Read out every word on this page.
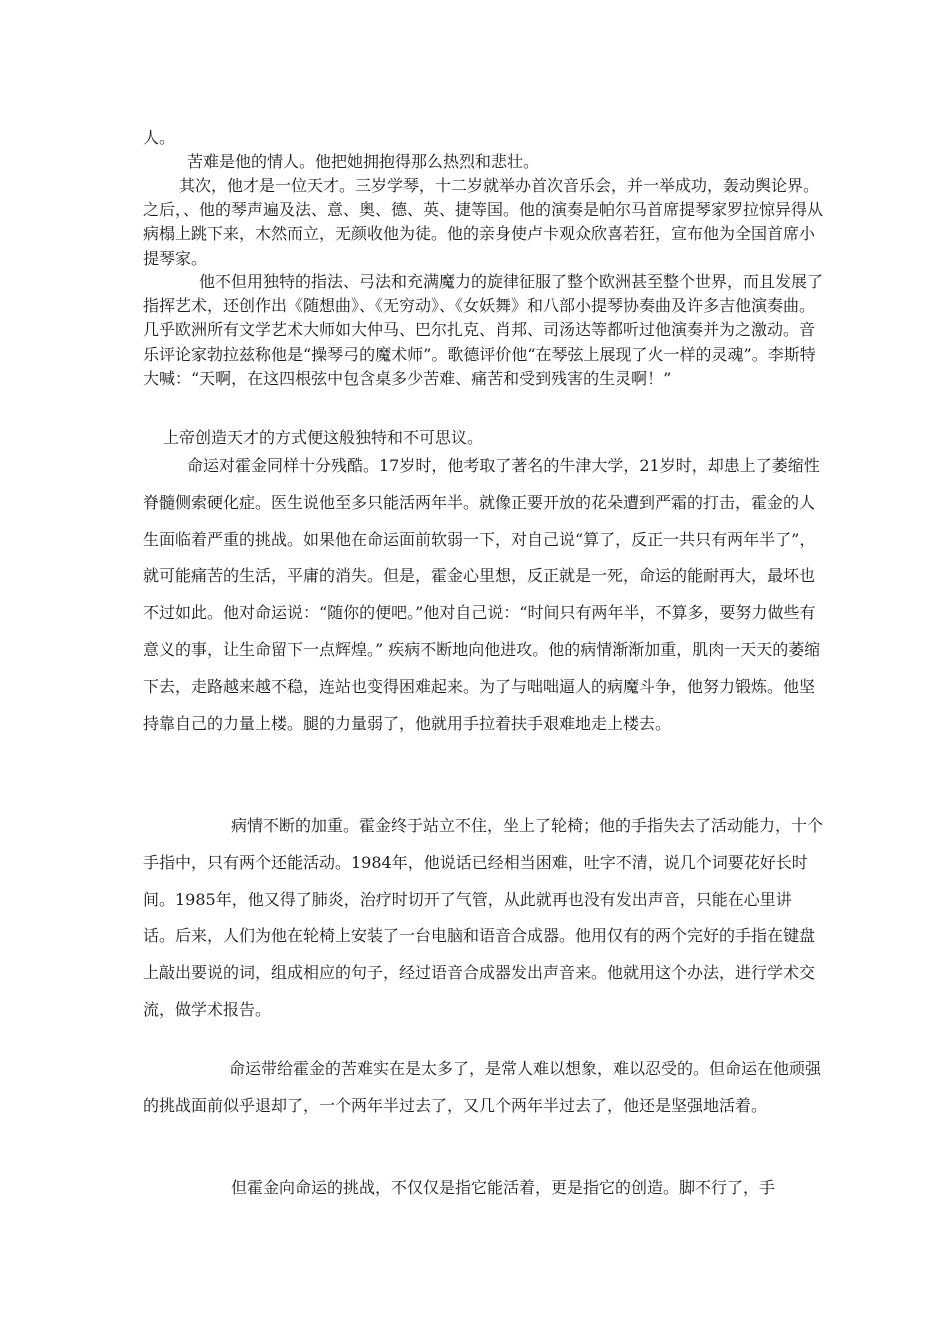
人。

苦难是他的情人。他把她拥抱得那么热烈和悲壮。

其次，他才是一位天才。三岁学琴，十二岁就举办首次音乐会，并一举成功，轰动舆论界。之后，、他的琴声遍及法、意、奥、德、英、捷等国。他的演奏是帕尔马首席提琴家罗拉惊异得从病榻上跳下来，木然而立，无颜收他为徒。他的亲身使卢卡观众欣喜若狂，宣布他为全国首席小提琴家。

他不但用独特的指法、弓法和充满魔力的旋律征服了整个欧洲甚至整个世界，而且发展了指挥艺术，还创作出《随想曲》、《无穷动》、《女妖舞》和八部小提琴协奏曲及许多吉他演奏曲。几乎欧洲所有文学艺术大师如大仲马、巴尔扎克、肖邦、司汤达等都听过他演奏并为之激动。音乐评论家勃拉兹称他是“操琴弓的魔术师”。歌德评价他“在琴弦上展现了火一样的灵魂”。李斯特大喊：“天啊，在这四根弦中包含桌多少苦难、痛苦和受到残害的生灵啊！”

上帝创造天才的方式便这般独特和不可思议。

命运对霍金同样十分残酷。17岁时，他考取了著名的牛津大学，21岁时，却患上了萎缩性脊髓侧索硬化症。医生说他至多只能活两年半。就像正要开放的花朵遭到严霜的打击，霍金的人生面临着严重的挑战。如果他在命运面前软弱一下，对自己说“算了，反正一共只有两年半了”，就可能痛苦的生活，平庸的消失。但是，霍金心里想，反正就是一死，命运的能耐再大，最坏也不过如此。他对命运说：“随你的便吧。”他对自己说：“时间只有两年半，不算多，要努力做些有意义的事，让生命留下一点辉煌。” 疾病不断地向他进攻。他的病情渐渐加重，肌肉一天天的萎缩下去，走路越来越不稳，连站也变得困难起来。为了与咄咄逼人的病魔斗争，他努力锻炼。他坚持靠自己的力量上楼。腿的力量弱了，他就用手拉着扶手艰难地走上楼去。

病情不断的加重。霍金终于站立不住，坐上了轮椅；他的手指失去了活动能力，十个手指中，只有两个还能活动。1984年，他说话已经相当困难，吐字不清，说几个词要花好长时间。1985年，他又得了肺炎，治疗时切开了气管，从此就再也没有发出声音，只能在心里讲话。后来，人们为他在轮椅上安装了一台电脑和语音合成器。他用仅有的两个完好的手指在键盘上敲出要说的词，组成相应的句子，经过语音合成器发出声音来。他就用这个办法，进行学术交流，做学术报告。

命运带给霍金的苦难实在是太多了，是常人难以想象，难以忍受的。但命运在他顽强的挑战面前似乎退却了，一个两年半过去了，又几个两年半过去了，他还是坚强地活着。

但霍金向命运的挑战，不仅仅是指它能活着，更是指它的创造。脚不行了，手
